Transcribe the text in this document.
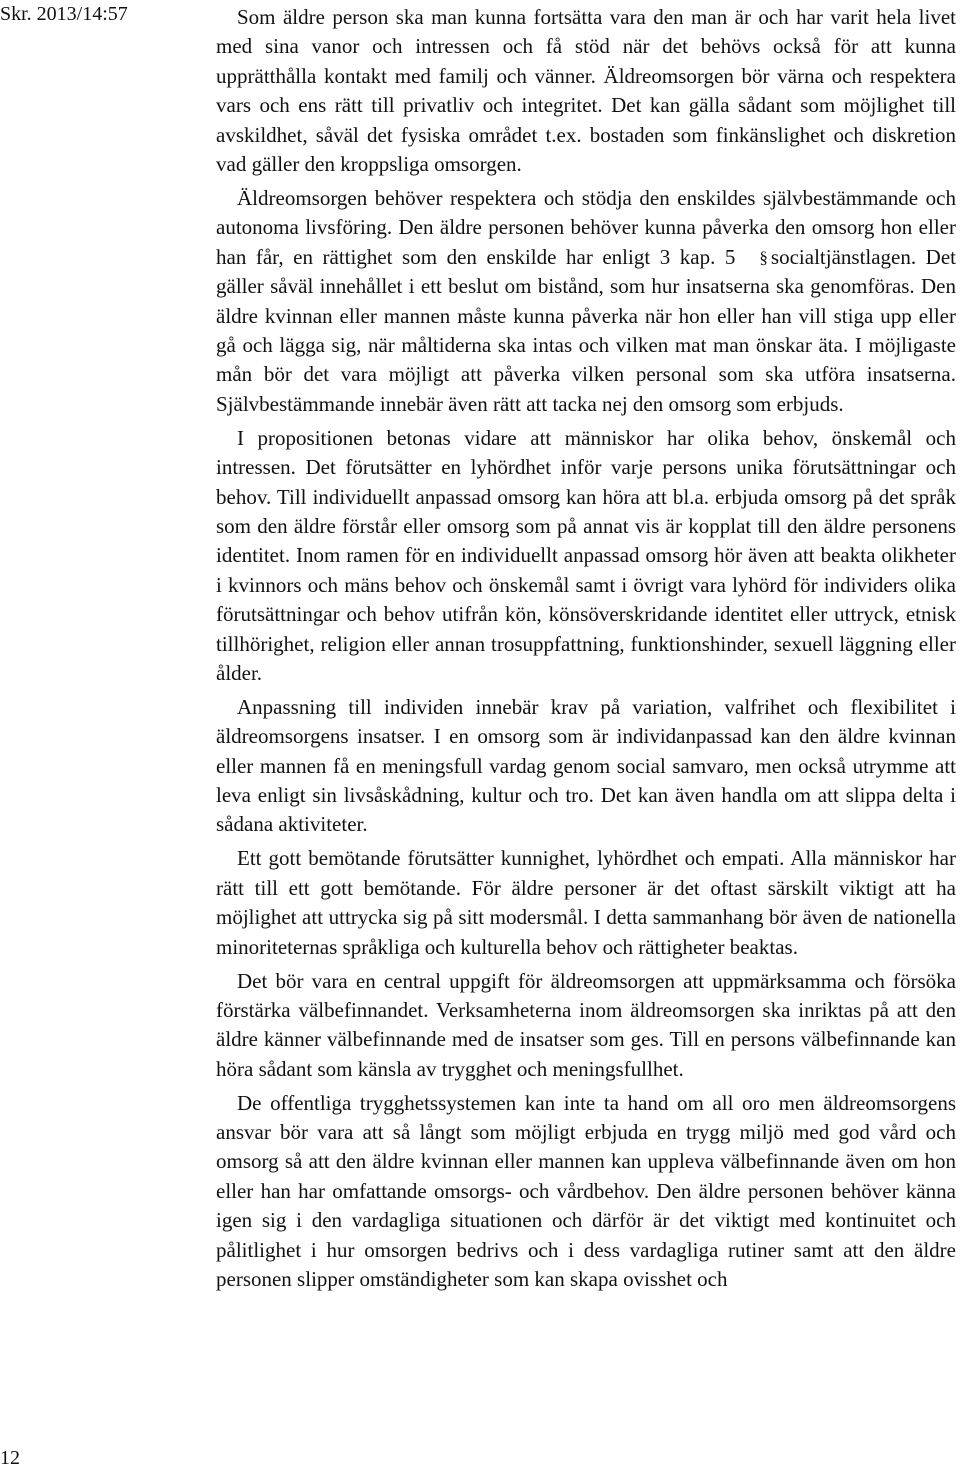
Skr. 2013/14:57	Som äldre person ska man kunna fortsätta vara den man är och har varit hela livet med sina vanor och intressen och få stöd när det behövs också för att kunna upprätthålla kontakt med familj och vänner. Äldreomsorgen bör värna och respektera vars och ens rätt till privatliv och integritet. Det kan gälla sådant som möjlighet till avskildhet, såväl det fysiska området t.ex. bostaden som finkänslighet och diskretion vad gäller den kroppsliga omsorgen.

Äldreomsorgen behöver respektera och stödja den enskildes självbestämmande och autonoma livsföring. Den äldre personen behöver kunna påverka den omsorg hon eller han får, en rättighet som den enskilde har enligt 3 kap. 5 § socialtjänstlagen. Det gäller såväl innehållet i ett beslut om bistånd, som hur insatserna ska genomföras. Den äldre kvinnan eller mannen måste kunna påverka när hon eller han vill stiga upp eller gå och lägga sig, när måltiderna ska intas och vilken mat man önskar äta. I möjligaste mån bör det vara möjligt att påverka vilken personal som ska utföra insatserna. Självbestämmande innebär även rätt att tacka nej den omsorg som erbjuds.

I propositionen betonas vidare att människor har olika behov, önskemål och intressen. Det förutsätter en lyhördhet inför varje persons unika förutsättningar och behov. Till individuellt anpassad omsorg kan höra att bl.a. erbjuda omsorg på det språk som den äldre förstår eller omsorg som på annat vis är kopplat till den äldre personens identitet. Inom ramen för en individuellt anpassad omsorg hör även att beakta olikheter i kvinnors och mäns behov och önskemål samt i övrigt vara lyhörd för individers olika förutsättningar och behov utifrån kön, könsöverskridande identitet eller uttryck, etnisk tillhörighet, religion eller annan trosuppfattning, funktionshinder, sexuell läggning eller ålder.

Anpassning till individen innebär krav på variation, valfrihet och flexibilitet i äldreomsorgens insatser. I en omsorg som är individanpassad kan den äldre kvinnan eller mannen få en meningsfull vardag genom social samvaro, men också utrymme att leva enligt sin livsåskådning, kultur och tro. Det kan även handla om att slippa delta i sådana aktiviteter.

Ett gott bemötande förutsätter kunnighet, lyhördhet och empati. Alla människor har rätt till ett gott bemötande. För äldre personer är det oftast särskilt viktigt att ha möjlighet att uttrycka sig på sitt modersmål. I detta sammanhang bör även de nationella minoriteternas språkliga och kulturella behov och rättigheter beaktas.

Det bör vara en central uppgift för äldreomsorgen att uppmärksamma och försöka förstärka välbefinnandet. Verksamheterna inom äldreomsorgen ska inriktas på att den äldre känner välbefinnande med de insatser som ges. Till en persons välbefinnande kan höra sådant som känsla av trygghet och meningsfullhet.

De offentliga trygghetssystemen kan inte ta hand om all oro men äldreomsorgens ansvar bör vara att så långt som möjligt erbjuda en trygg miljö med god vård och omsorg så att den äldre kvinnan eller mannen kan uppleva välbefinnande även om hon eller han har omfattande omsorgs- och vårdbehov. Den äldre personen behöver känna igen sig i den vardagliga situationen och därför är det viktigt med kontinuitet och pålitlighet i hur omsorgen bedrivs och i dess vardagliga rutiner samt att den äldre personen slipper omständigheter som kan skapa ovisshet och

12
